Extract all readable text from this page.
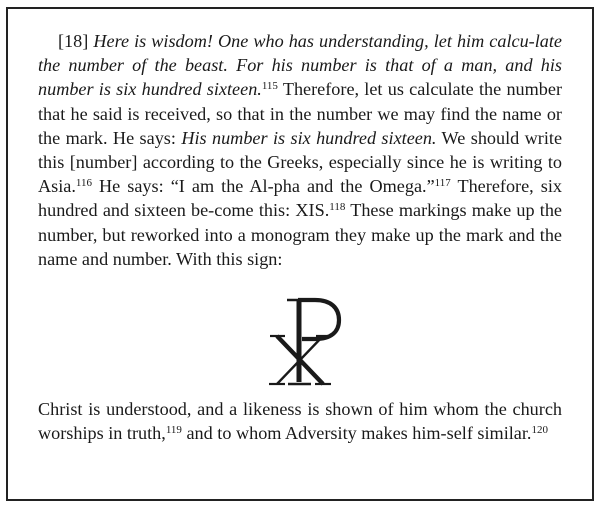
[18] Here is wisdom! One who has understanding, let him calcu-late the number of the beast. For his number is that of a man, and his number is six hundred sixteen.$^{115}$ Therefore, let us calculate the number that he said is received, so that in the number we may find the name or the mark. He says: His number is six hundred sixteen. We should write this [number] according to the Greeks, especially since he is writing to Asia.$^{116}$ He says: “I am the Al-pha and the Omega.”$^{117}$ Therefore, six hundred and sixteen be-come this: XIS.$^{118}$ These markings make up the number, but reworked into a monogram they make up the mark and the name and number. With this sign:

Christ is understood, and a likeness is shown of him whom the church worships in truth,$^{119}$ and to whom Adversity makes him-self similar.$^{120}$
